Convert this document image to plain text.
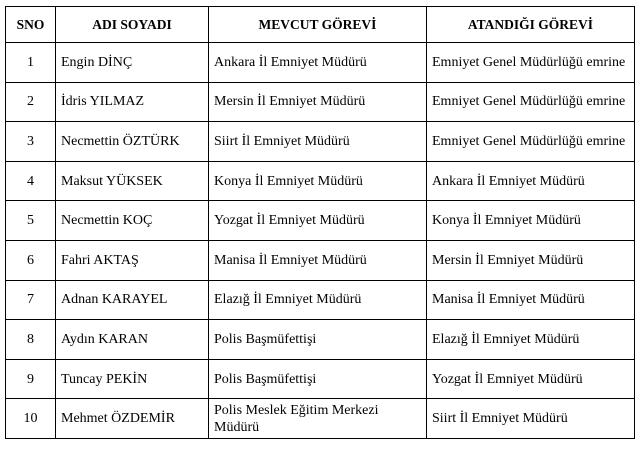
SNO	ADI SOYADI	MEVCUT GÖREVİ	ATANDIĞI GÖREVİ
1	Engin DİNÇ	Ankara İl Emniyet Müdürü	Emniyet Genel Müdürlüğü emrine
2	İdris YILMAZ	Mersin İl Emniyet Müdürü	Emniyet Genel Müdürlüğü emrine
3	Necmettin ÖZTÜRK	Siirt İl Emniyet Müdürü	Emniyet Genel Müdürlüğü emrine
4	Maksut YÜKSEK	Konya İl Emniyet Müdürü	Ankara İl Emniyet Müdürü
5	Necmettin KOÇ	Yozgat İl Emniyet Müdürü	Konya İl Emniyet Müdürü
6	Fahri AKTAŞ	Manisa İl Emniyet Müdürü	Mersin İl Emniyet Müdürü
7	Adnan KARAYEL	Elazığ İl Emniyet Müdürü	Manisa İl Emniyet Müdürü
8	Aydın KARAN	Polis Başmüfettişi	Elazığ İl Emniyet Müdürü
9	Tuncay PEKİN	Polis Başmüfettişi	Yozgat İl Emniyet Müdürü
10	Mehmet ÖZDEMİR	Polis Meslek Eğitim Merkezi Müdürü	Siirt İl Emniyet Müdürü
